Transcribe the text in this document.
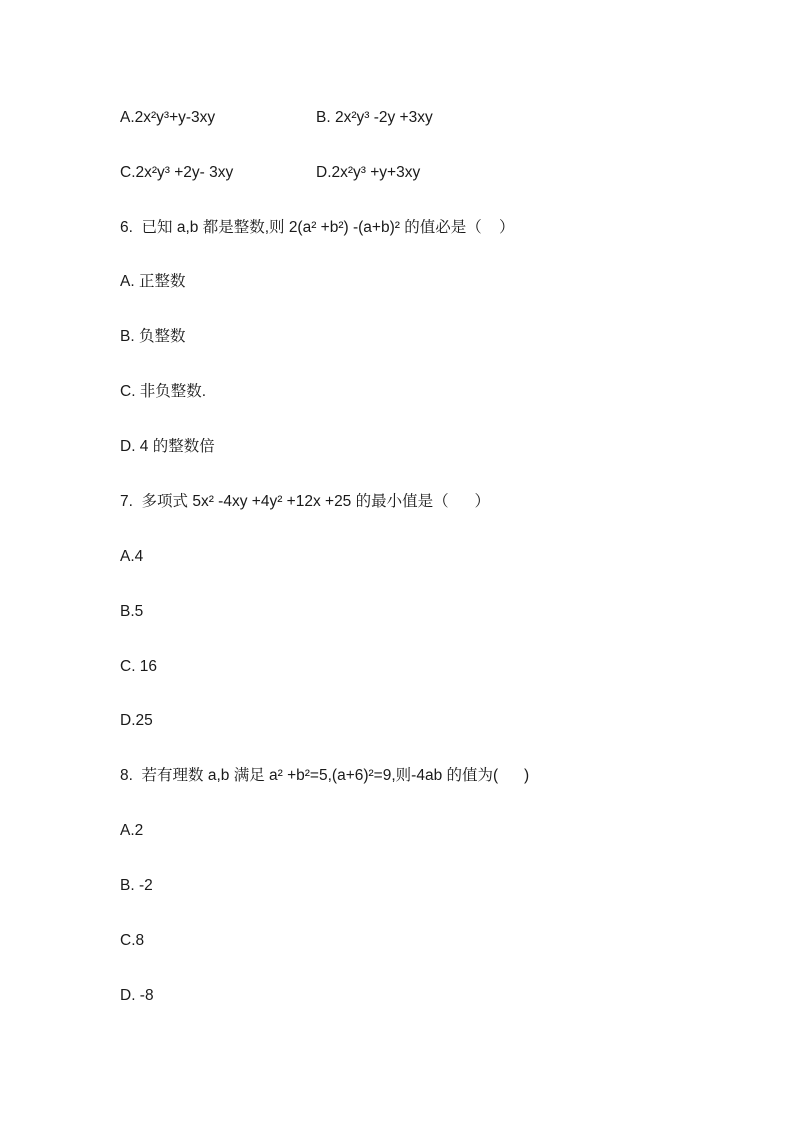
A.2x²y³+y-3xy	B. 2x²y³ -2y +3xy
C.2x²y³ +2y- 3xy	D.2x²y³ +y+3xy
6.  已知 a,b 都是整数,则 2(a² +b²) -(a+b)² 的值必是（    ）
A. 正整数
B. 负整数
C. 非负整数.
D. 4 的整数倍
7.  多项式 5x² -4xy +4y² +12x +25 的最小值是（      ）
A.4
B.5
C. 16
D.25
8.  若有理数 a,b 满足 a² +b²=5,(a+6)²=9,则-4ab 的值为(      )
A.2
B. -2
C.8
D. -8
